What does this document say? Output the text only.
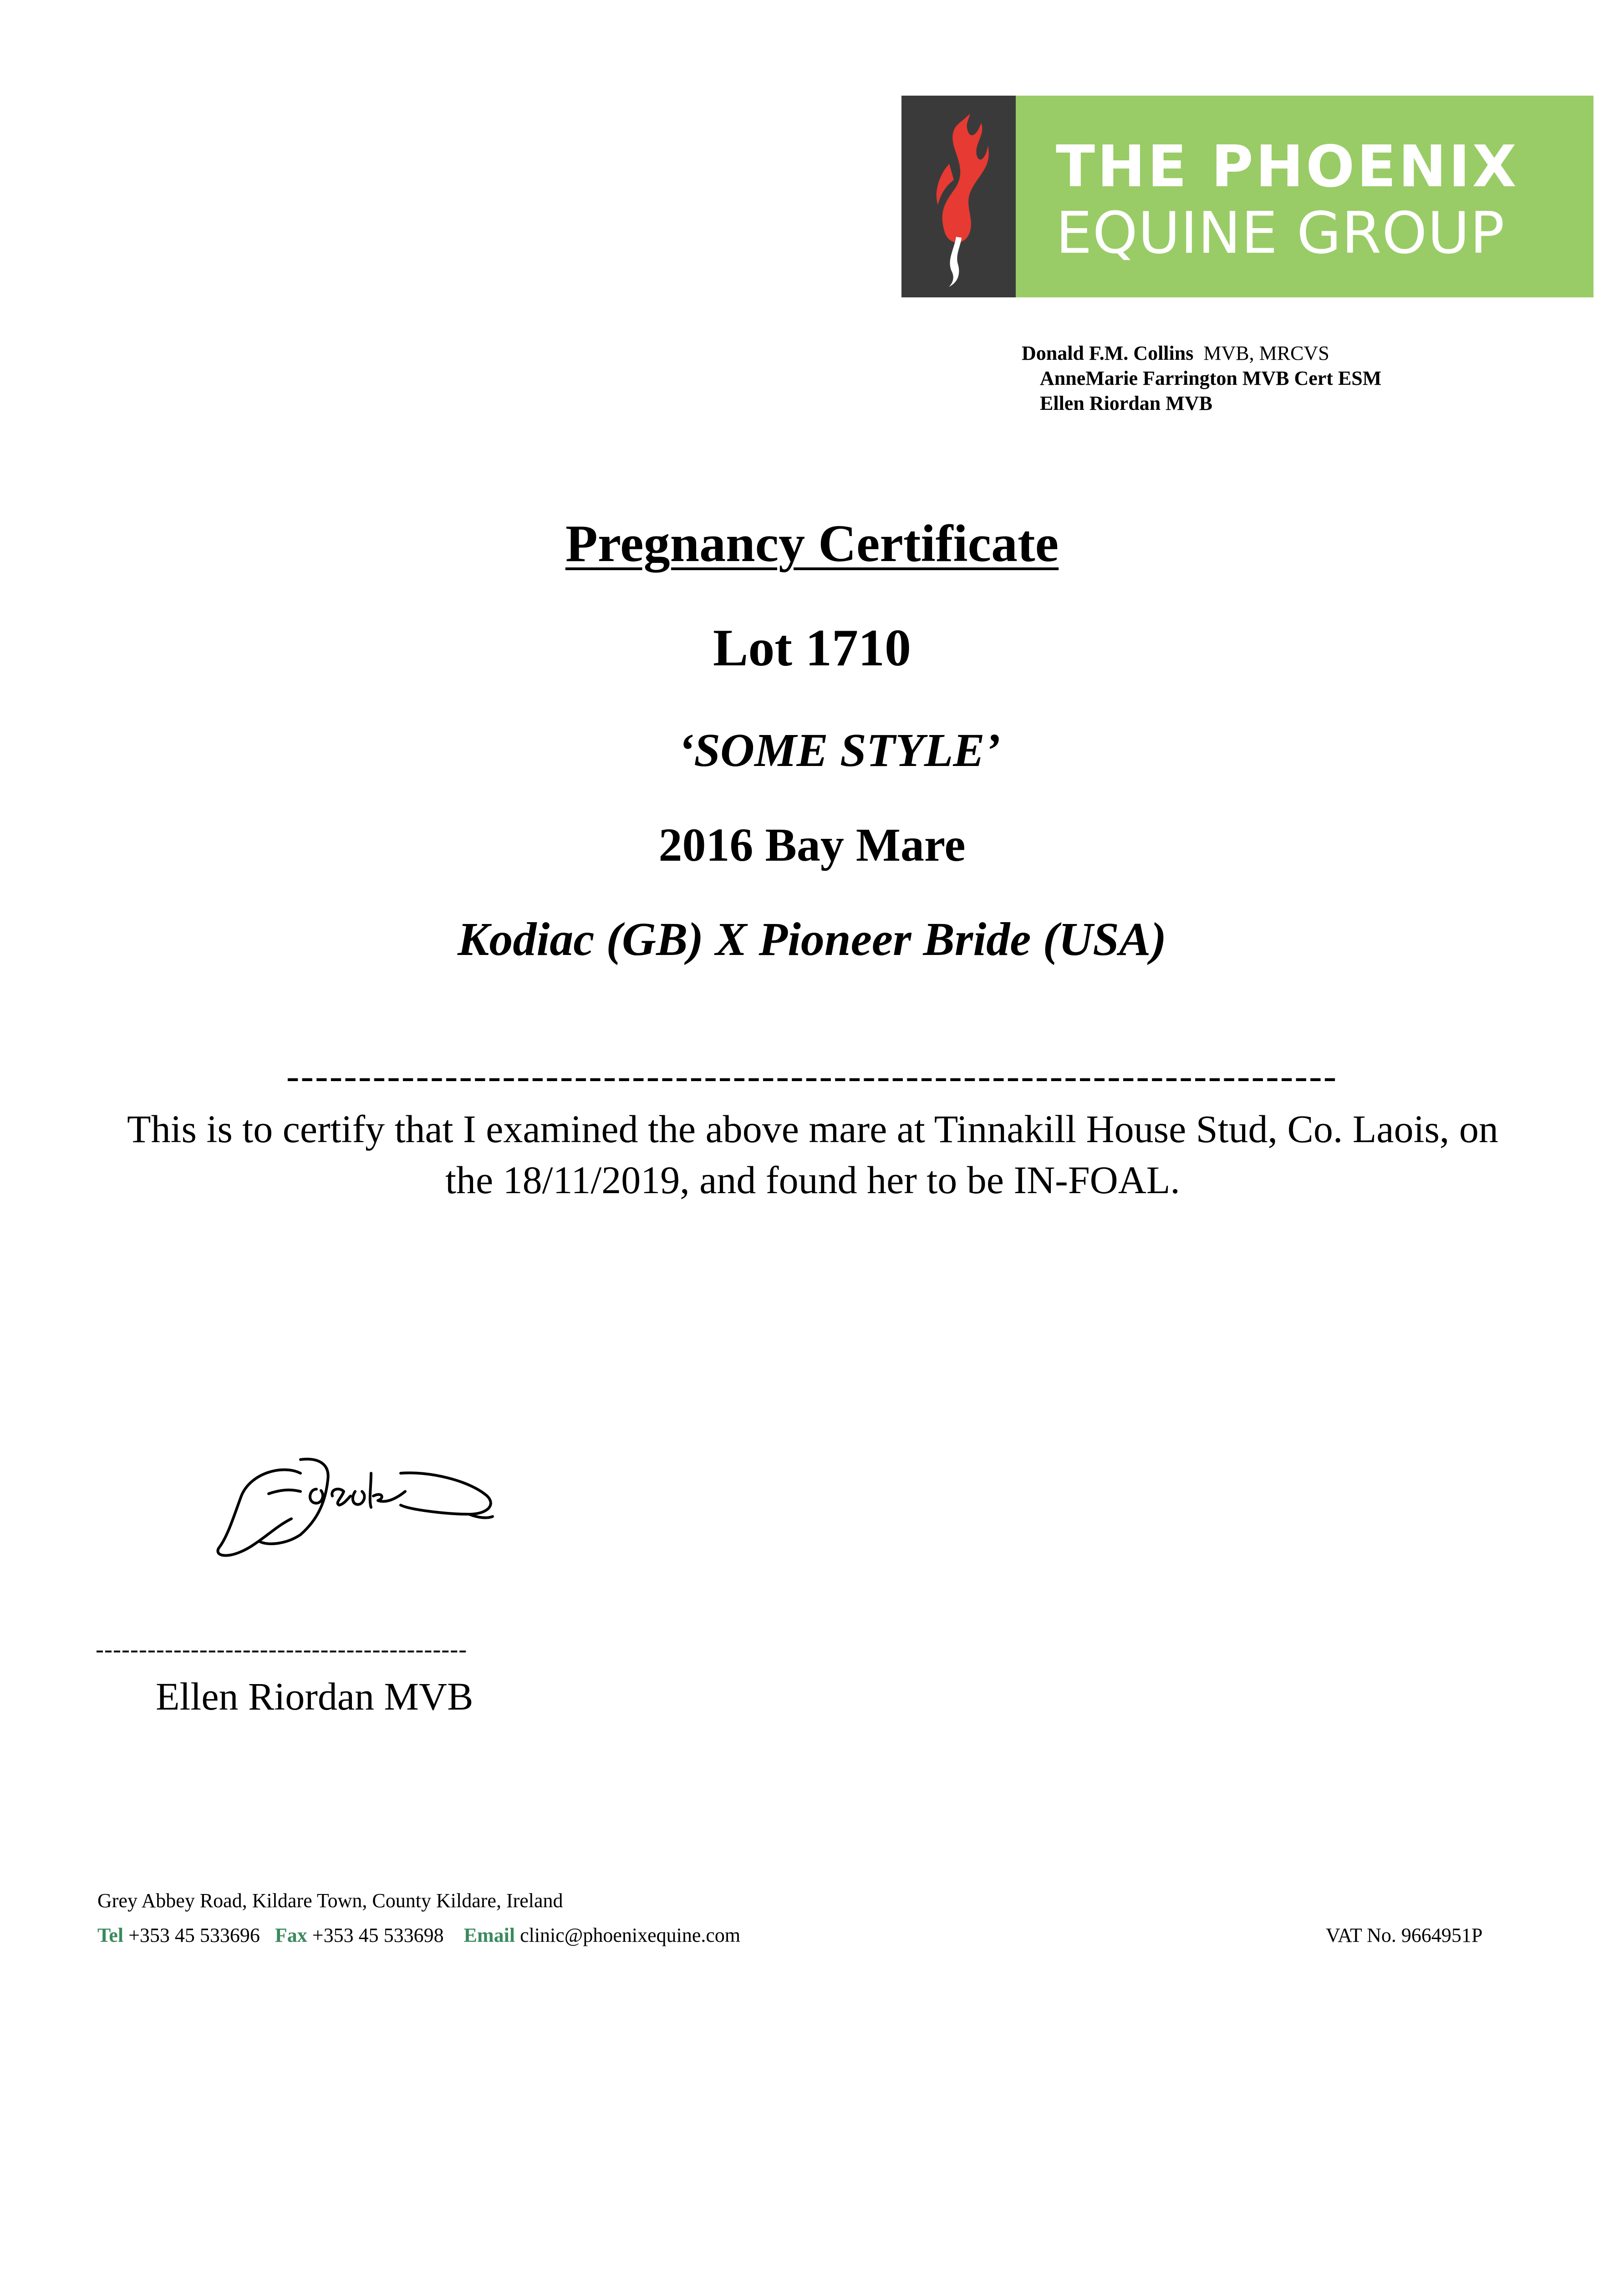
THE PHOENIX
EQUINE GROUP
Donald F.M. Collins MVB, MRCVS
AnneMarie Farrington MVB Cert ESM
Ellen Riordan MVB
Pregnancy Certificate
Lot 1710
‘SOME STYLE’
2016 Bay Mare
Kodiac (GB) X Pioneer Bride (USA)
-------------------------------------------------------------------------
This is to certify that I examined the above mare at Tinnakill House Stud, Co. Laois, on the 18/11/2019, and found her to be IN-FOAL.
-------------------------------------------
Ellen Riordan MVB
Grey Abbey Road, Kildare Town, County Kildare, Ireland
Tel +353 45 533696 Fax +353 45 533698 Email clinic@phoenixequine.com	VAT No. 9664951P
